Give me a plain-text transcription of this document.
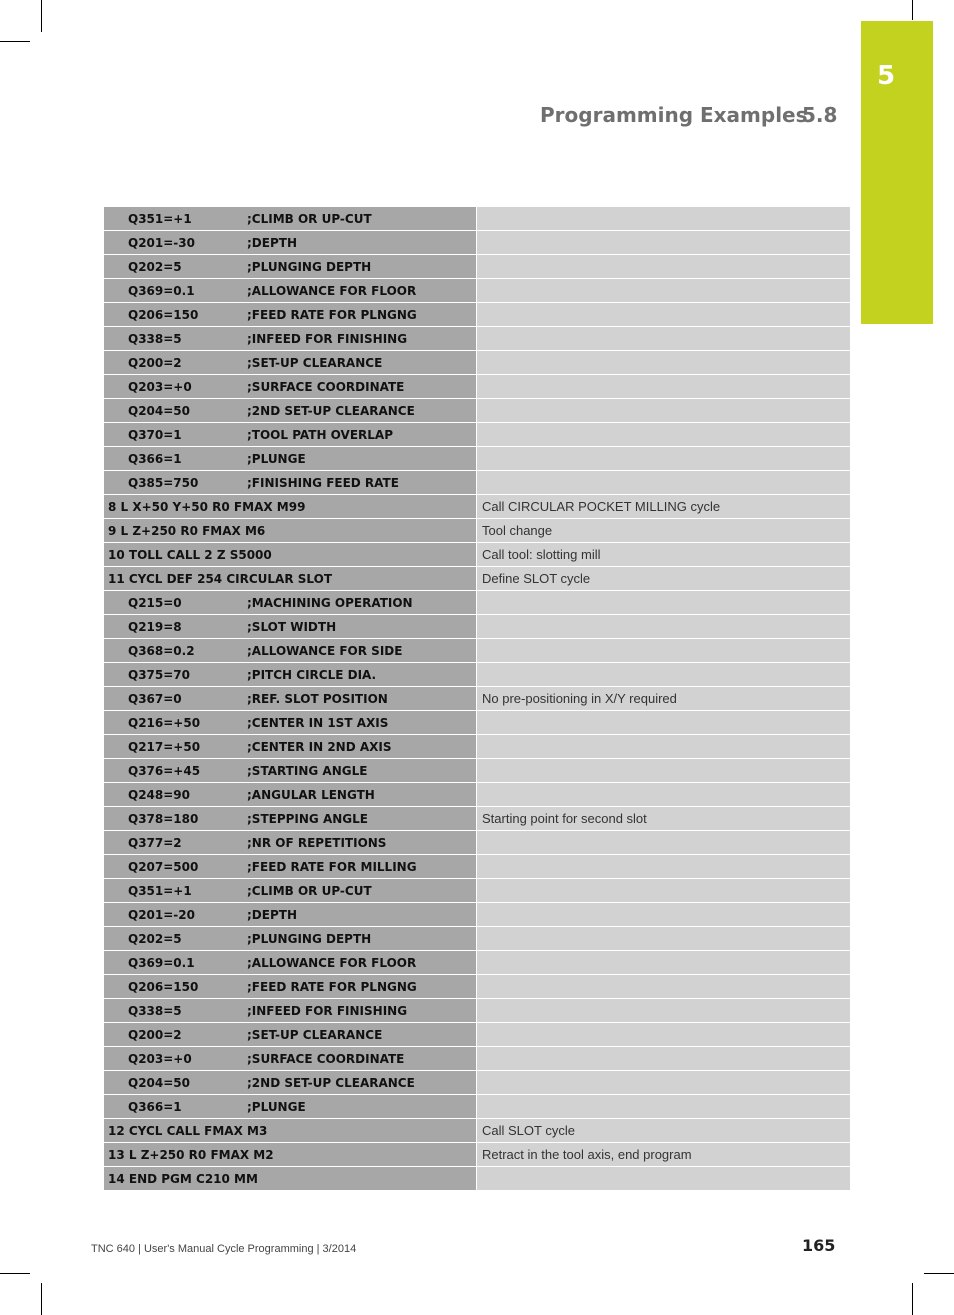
5
Programming Examples
5.8
Q351=+1	;CLIMB OR UP-CUT
Q201=-30	;DEPTH
Q202=5	;PLUNGING DEPTH
Q369=0.1	;ALLOWANCE FOR FLOOR
Q206=150	;FEED RATE FOR PLNGNG
Q338=5	;INFEED FOR FINISHING
Q200=2	;SET-UP CLEARANCE
Q203=+0	;SURFACE COORDINATE
Q204=50	;2ND SET-UP CLEARANCE
Q370=1	;TOOL PATH OVERLAP
Q366=1	;PLUNGE
Q385=750	;FINISHING FEED RATE
8 L X+50 Y+50 R0 FMAX M99	Call CIRCULAR POCKET MILLING cycle
9 L Z+250 R0 FMAX M6	Tool change
10 TOLL CALL 2 Z S5000	Call tool: slotting mill
11 CYCL DEF 254 CIRCULAR SLOT	Define SLOT cycle
Q215=0	;MACHINING OPERATION
Q219=8	;SLOT WIDTH
Q368=0.2	;ALLOWANCE FOR SIDE
Q375=70	;PITCH CIRCLE DIA.
Q367=0	;REF. SLOT POSITION	No pre-positioning in X/Y required
Q216=+50	;CENTER IN 1ST AXIS
Q217=+50	;CENTER IN 2ND AXIS
Q376=+45	;STARTING ANGLE
Q248=90	;ANGULAR LENGTH
Q378=180	;STEPPING ANGLE	Starting point for second slot
Q377=2	;NR OF REPETITIONS
Q207=500	;FEED RATE FOR MILLING
Q351=+1	;CLIMB OR UP-CUT
Q201=-20	;DEPTH
Q202=5	;PLUNGING DEPTH
Q369=0.1	;ALLOWANCE FOR FLOOR
Q206=150	;FEED RATE FOR PLNGNG
Q338=5	;INFEED FOR FINISHING
Q200=2	;SET-UP CLEARANCE
Q203=+0	;SURFACE COORDINATE
Q204=50	;2ND SET-UP CLEARANCE
Q366=1	;PLUNGE
12 CYCL CALL FMAX M3	Call SLOT cycle
13 L Z+250 R0 FMAX M2	Retract in the tool axis, end program
14 END PGM C210 MM
TNC 640 | User's Manual Cycle Programming | 3/2014	165
